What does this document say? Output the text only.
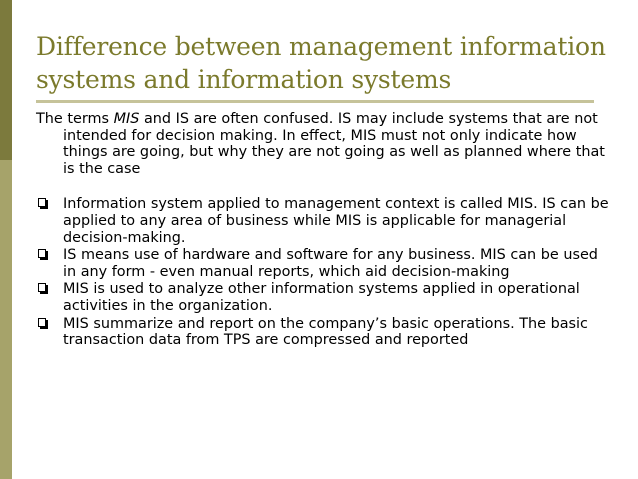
Difference between management information
systems and information systems

The terms MIS and IS are often confused. IS may include systems that are not intended for decision making. In effect, MIS must not only indicate how things are going, but why they are not going as well as planned where that is the case

Information system applied to management context is called MIS. IS can be applied to any area of business while MIS is applicable for managerial decision-making.
IS means use of hardware and software for any business. MIS can be used in any form - even manual reports, which aid decision-making
MIS is used to analyze other information systems applied in operational activities in the organization.
MIS summarize and report on the company’s basic operations. The basic transaction data from TPS are compressed and reported
